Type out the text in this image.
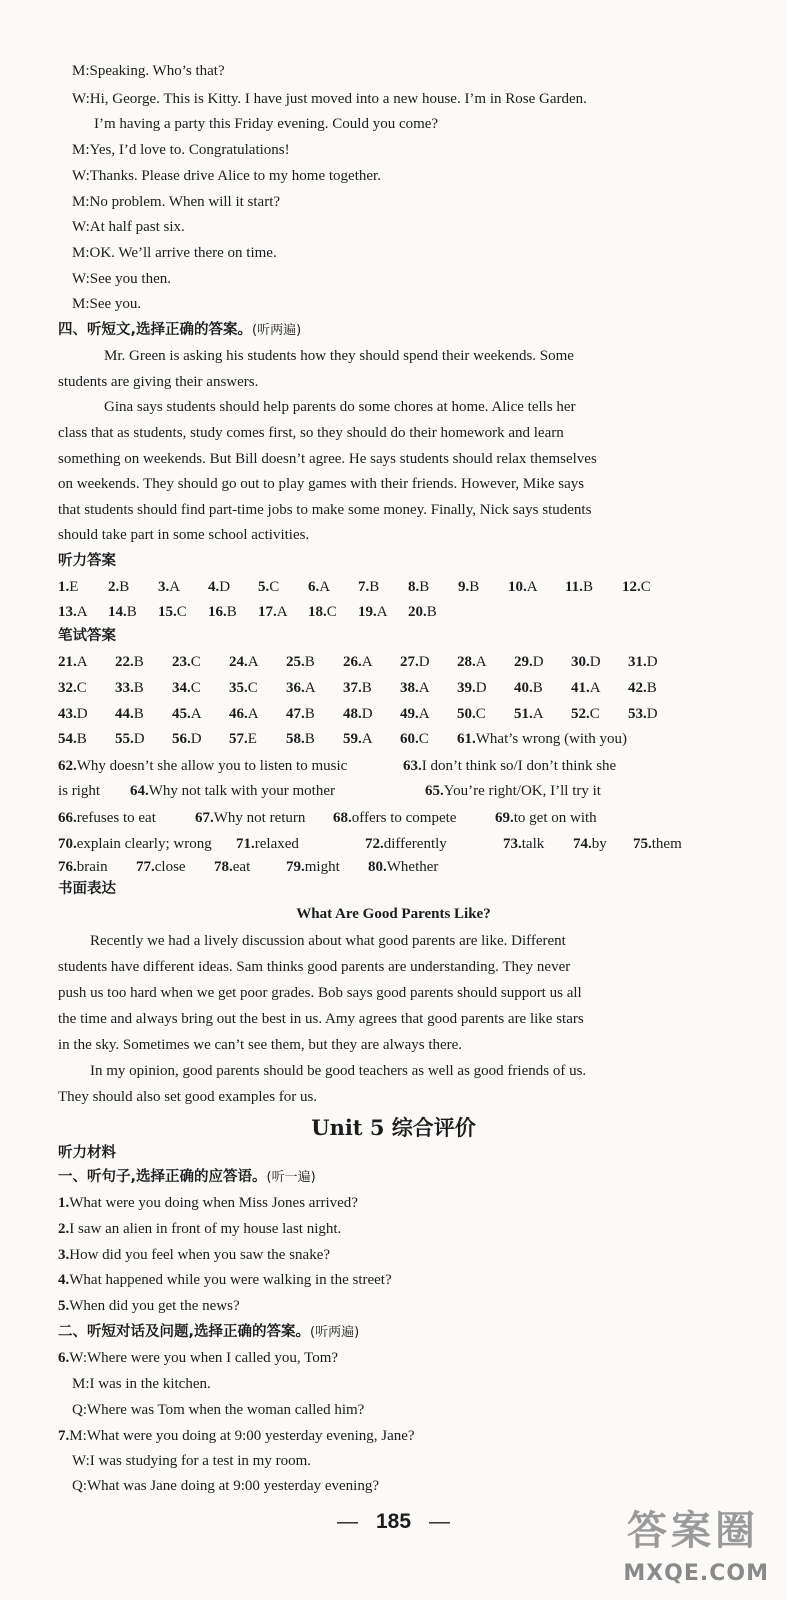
M:Speaking. Who’s that?
W:Hi, George. This is Kitty. I have just moved into a new house. I’m in Rose Garden.
I’m having a party this Friday evening. Could you come?
M:Yes, I’d love to. Congratulations!
W:Thanks. Please drive Alice to my home together.
M:No problem. When will it start?
W:At half past six.
M:OK. We’ll arrive there on time.
W:See you then.
M:See you.
四、听短文,选择正确的答案。(听两遍)
Mr. Green is asking his students how they should spend their weekends. Some
students are giving their answers.
Gina says students should help parents do some chores at home. Alice tells her
class that as students, study comes first, so they should do their homework and learn
something on weekends. But Bill doesn’t agree. He says students should relax themselves
on weekends. They should go out to play games with their friends. However, Mike says
that students should find part-time jobs to make some money. Finally, Nick says students
should take part in some school activities.
听力答案
1.E 2.B 3.A 4.D 5.C 6.A 7.B 8.B 9.B 10.A 11.B 12.C
13.A 14.B 15.C 16.B 17.A 18.C 19.A 20.B
笔试答案
21.A 22.B 23.C 24.A 25.B 26.A 27.D 28.A 29.D 30.D 31.D
32.C 33.B 34.C 35.C 36.A 37.B 38.A 39.D 40.B 41.A 42.B
43.D 44.B 45.A 46.A 47.B 48.D 49.A 50.C 51.A 52.C 53.D
54.B 55.D 56.D 57.E 58.B 59.A 60.C 61.What’s wrong (with you)
62.Why doesn’t she allow you to listen to music	63.I don’t think so/I don’t think she
is right 64.Why not talk with your mother	65.You’re right/OK, I’ll try it
66.refuses to eat	67.Why not return 68.offers to compete	69.to get on with
70.explain clearly; wrong 71.relaxed	72.differently	73.talk 74.by 75.them
76.brain 77.close 78.eat 79.might 80.Whether
书面表达
What Are Good Parents Like?
Recently we had a lively discussion about what good parents are like. Different
students have different ideas. Sam thinks good parents are understanding. They never
push us too hard when we get poor grades. Bob says good parents should support us all
the time and always bring out the best in us. Amy agrees that good parents are like stars
in the sky. Sometimes we can’t see them, but they are always there.
In my opinion, good parents should be good teachers as well as good friends of us.
They should also set good examples for us.
Unit 5 综合评价
听力材料
一、听句子,选择正确的应答语。(听一遍)
1.What were you doing when Miss Jones arrived?
2.I saw an alien in front of my house last night.
3.How did you feel when you saw the snake?
4.What happened while you were walking in the street?
5.When did you get the news?
二、听短对话及问题,选择正确的答案。(听两遍)
6.W:Where were you when I called you, Tom?
M:I was in the kitchen.
Q:Where was Tom when the woman called him?
7.M:What were you doing at 9:00 yesterday evening, Jane?
W:I was studying for a test in my room.
Q:What was Jane doing at 9:00 yesterday evening?
— 185 —	答案圈
MXQE.COM
